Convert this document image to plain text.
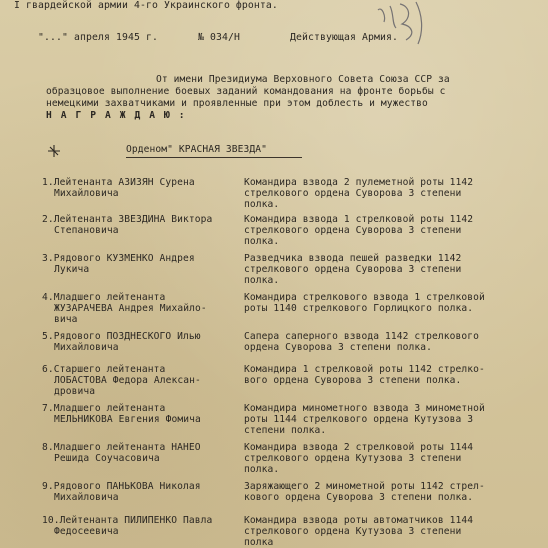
I гвардейской армии 4-го Украинского фронта.
"..." апреля 1945 г.	№ 034/Н	Действующая Армия.
От имени Президиума Верховного Совета Союза ССР за
образцовое выполнение боевых заданий командования на фронте борьбы с
немецкими захватчиками и проявленные при этом доблесть и мужество
Н А Г Р А Ж Д А Ю :
Орденом" КРАСНАЯ ЗВЕЗДА"
1.Лейтенанта АЗИЗЯН Сурена
Михайловича
Командира взвода 2 пулеметной роты 1142
стрелкового ордена Суворова 3 степени
полка.
2.Лейтенанта ЗВЕЗДИНА Виктора
Степановича
Командира взвода 1 стрелковой роты 1142
стрелкового ордена Суворова 3 степени
полка.
3.Рядового КУЗМЕНКО Андрея
Лукича
Разведчика взвода пешей разведки 1142
стрелкового ордена Суворова 3 степени
полка.
4.Младшего лейтенанта
ЖУЗАРАЧЕВА Андрея Михайло-
вича
Командира стрелкового взвода 1 стрелковой
роты 1140 стрелкового Горлицкого полка.
5.Рядового ПОЗДНЕСКОГО Илью
Михайловича
Сапера саперного взвода 1142 стрелкового
ордена Суворова 3 степени полка.
6.Старшего лейтенанта
ЛОБАСТОВА Федора Алексан-
дровича
Командира 1 стрелковой роты 1142 стрелко-
вого ордена Суворова 3 степени полка.
7.Младшего лейтенанта
МЕЛЬНИКОВА Евгения Фомича
Командира минометного взвода 3 минометной
роты 1144 стрелкового ордена Кутузова 3
степени полка.
8.Младшего лейтенанта НАНЕО
Решида Соучасовича
Командира взвода 2 стрелковой роты 1144
стрелкового ордена Кутузова 3 степени
полка.
9.Рядового ПАНЬКОВА Николая
Михайловича
Заряжающего 2 минометной роты 1142 стрел-
кового ордена Суворова 3 степени полка.
10.Лейтенанта ПИЛИПЕНКО Павла
Федосеевича
Командира взвода роты автоматчиков 1144
стрелкового ордена Кутузова 3 степени
полка
